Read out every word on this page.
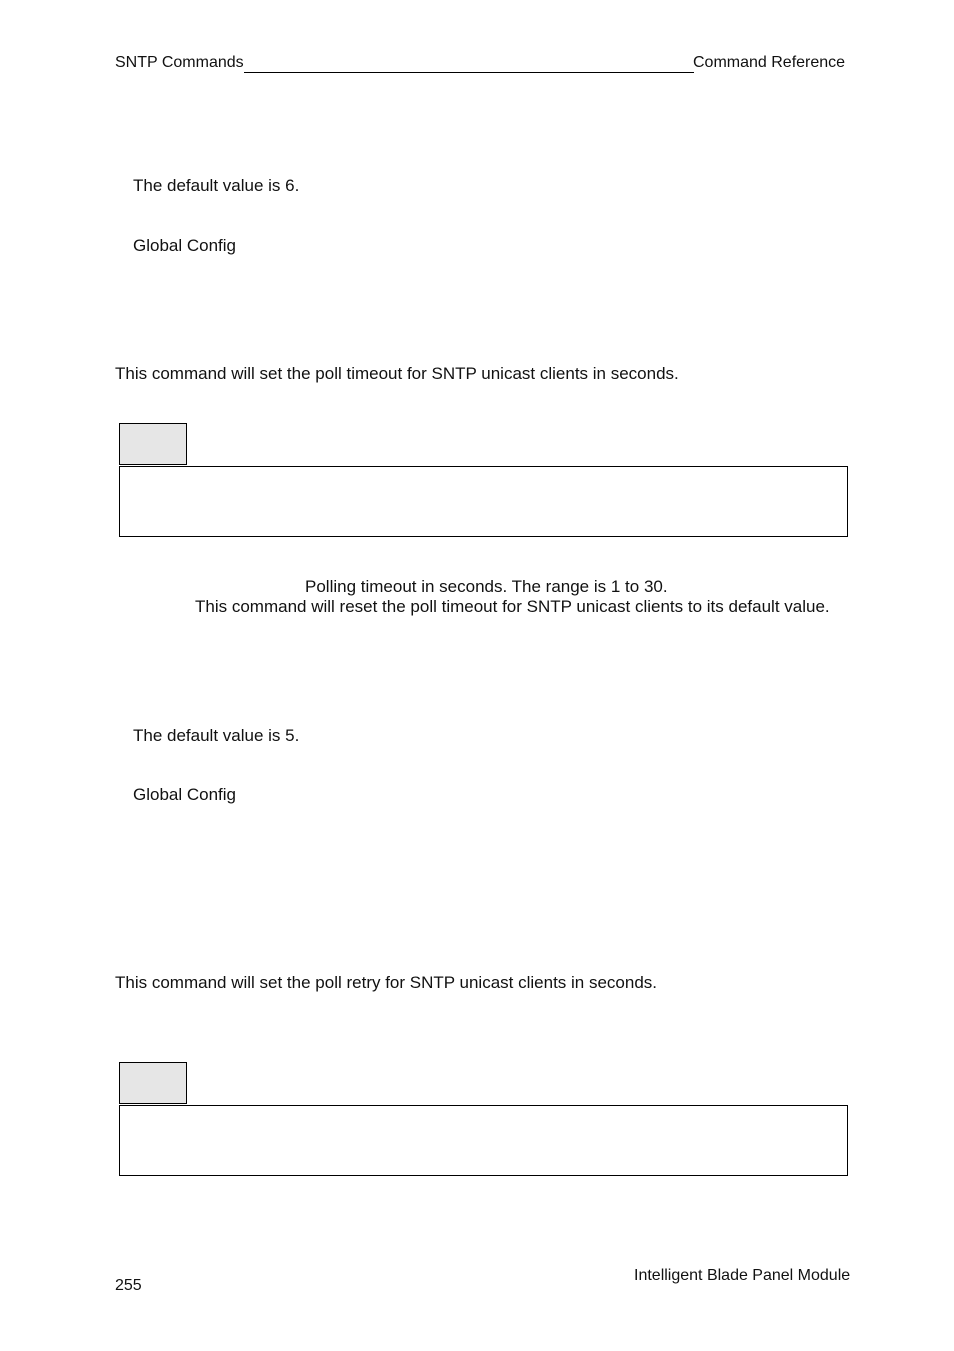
SNTP Commands	Command Reference
The default value is 6.
Global Config
This command will set the poll timeout for SNTP unicast clients in seconds.
Polling timeout in seconds. The range is 1 to 30.
This command will reset the poll timeout for SNTP unicast clients to its default value.
The default value is 5.
Global Config
This command will set the poll retry for SNTP unicast clients in seconds.
255
Intelligent Blade Panel Module
